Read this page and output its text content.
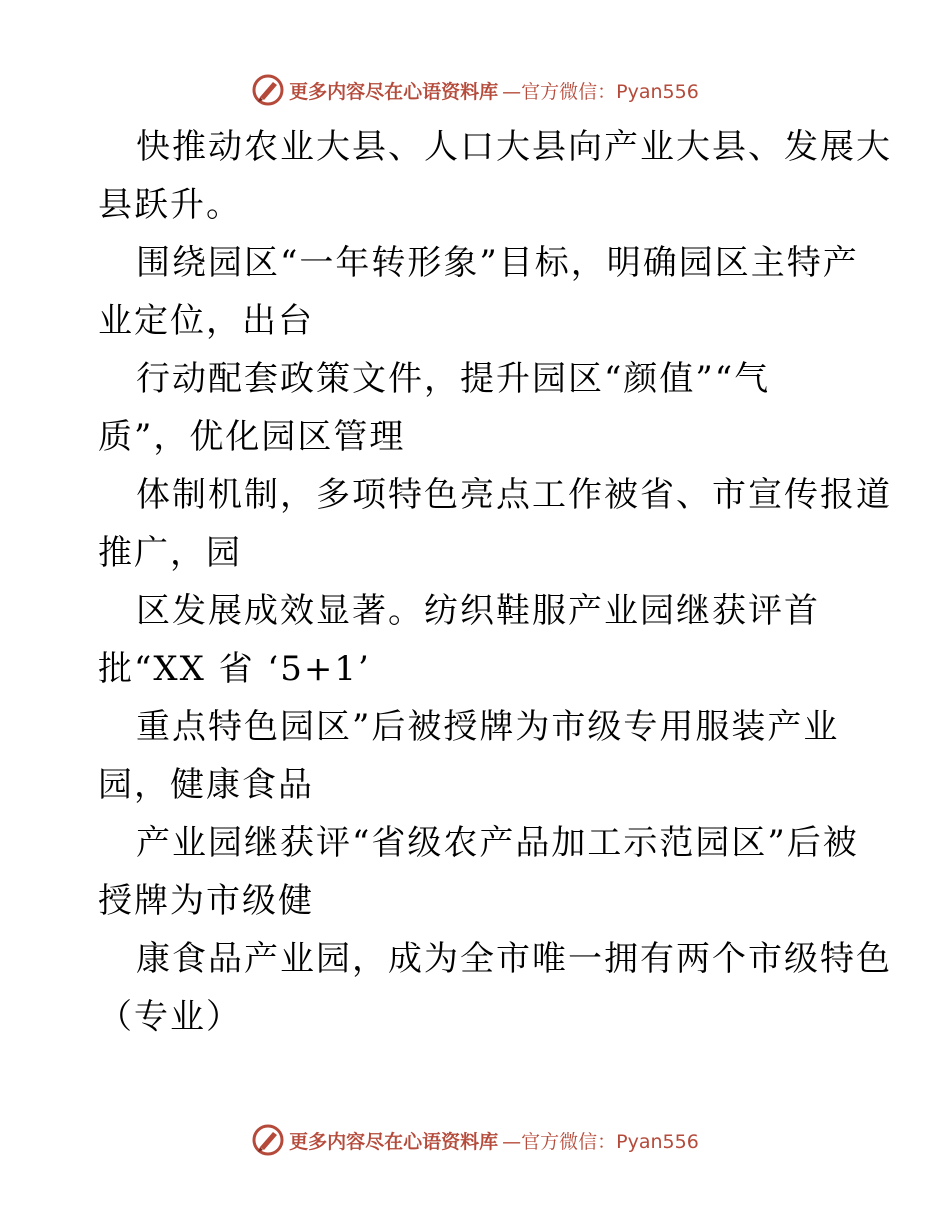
更多内容尽在心语资料库 —官方微信：Pyan556
快推动农业大县、人口大县向产业大县、发展大
县跃升。
围绕园区“一年转形象”目标，明确园区主特产
业定位，出台
行动配套政策文件，提升园区“颜值”“气
质”，优化园区管理
体制机制，多项特色亮点工作被省、市宣传报道
推广，园
区发展成效显著。纺织鞋服产业园继获评首
批“XX 省 ‘5+1’
重点特色园区”后被授牌为市级专用服装产业
园，健康食品
产业园继获评“省级农产品加工示范园区”后被
授牌为市级健
康食品产业园，成为全市唯一拥有两个市级特色
（专业）
更多内容尽在心语资料库 —官方微信：Pyan556
